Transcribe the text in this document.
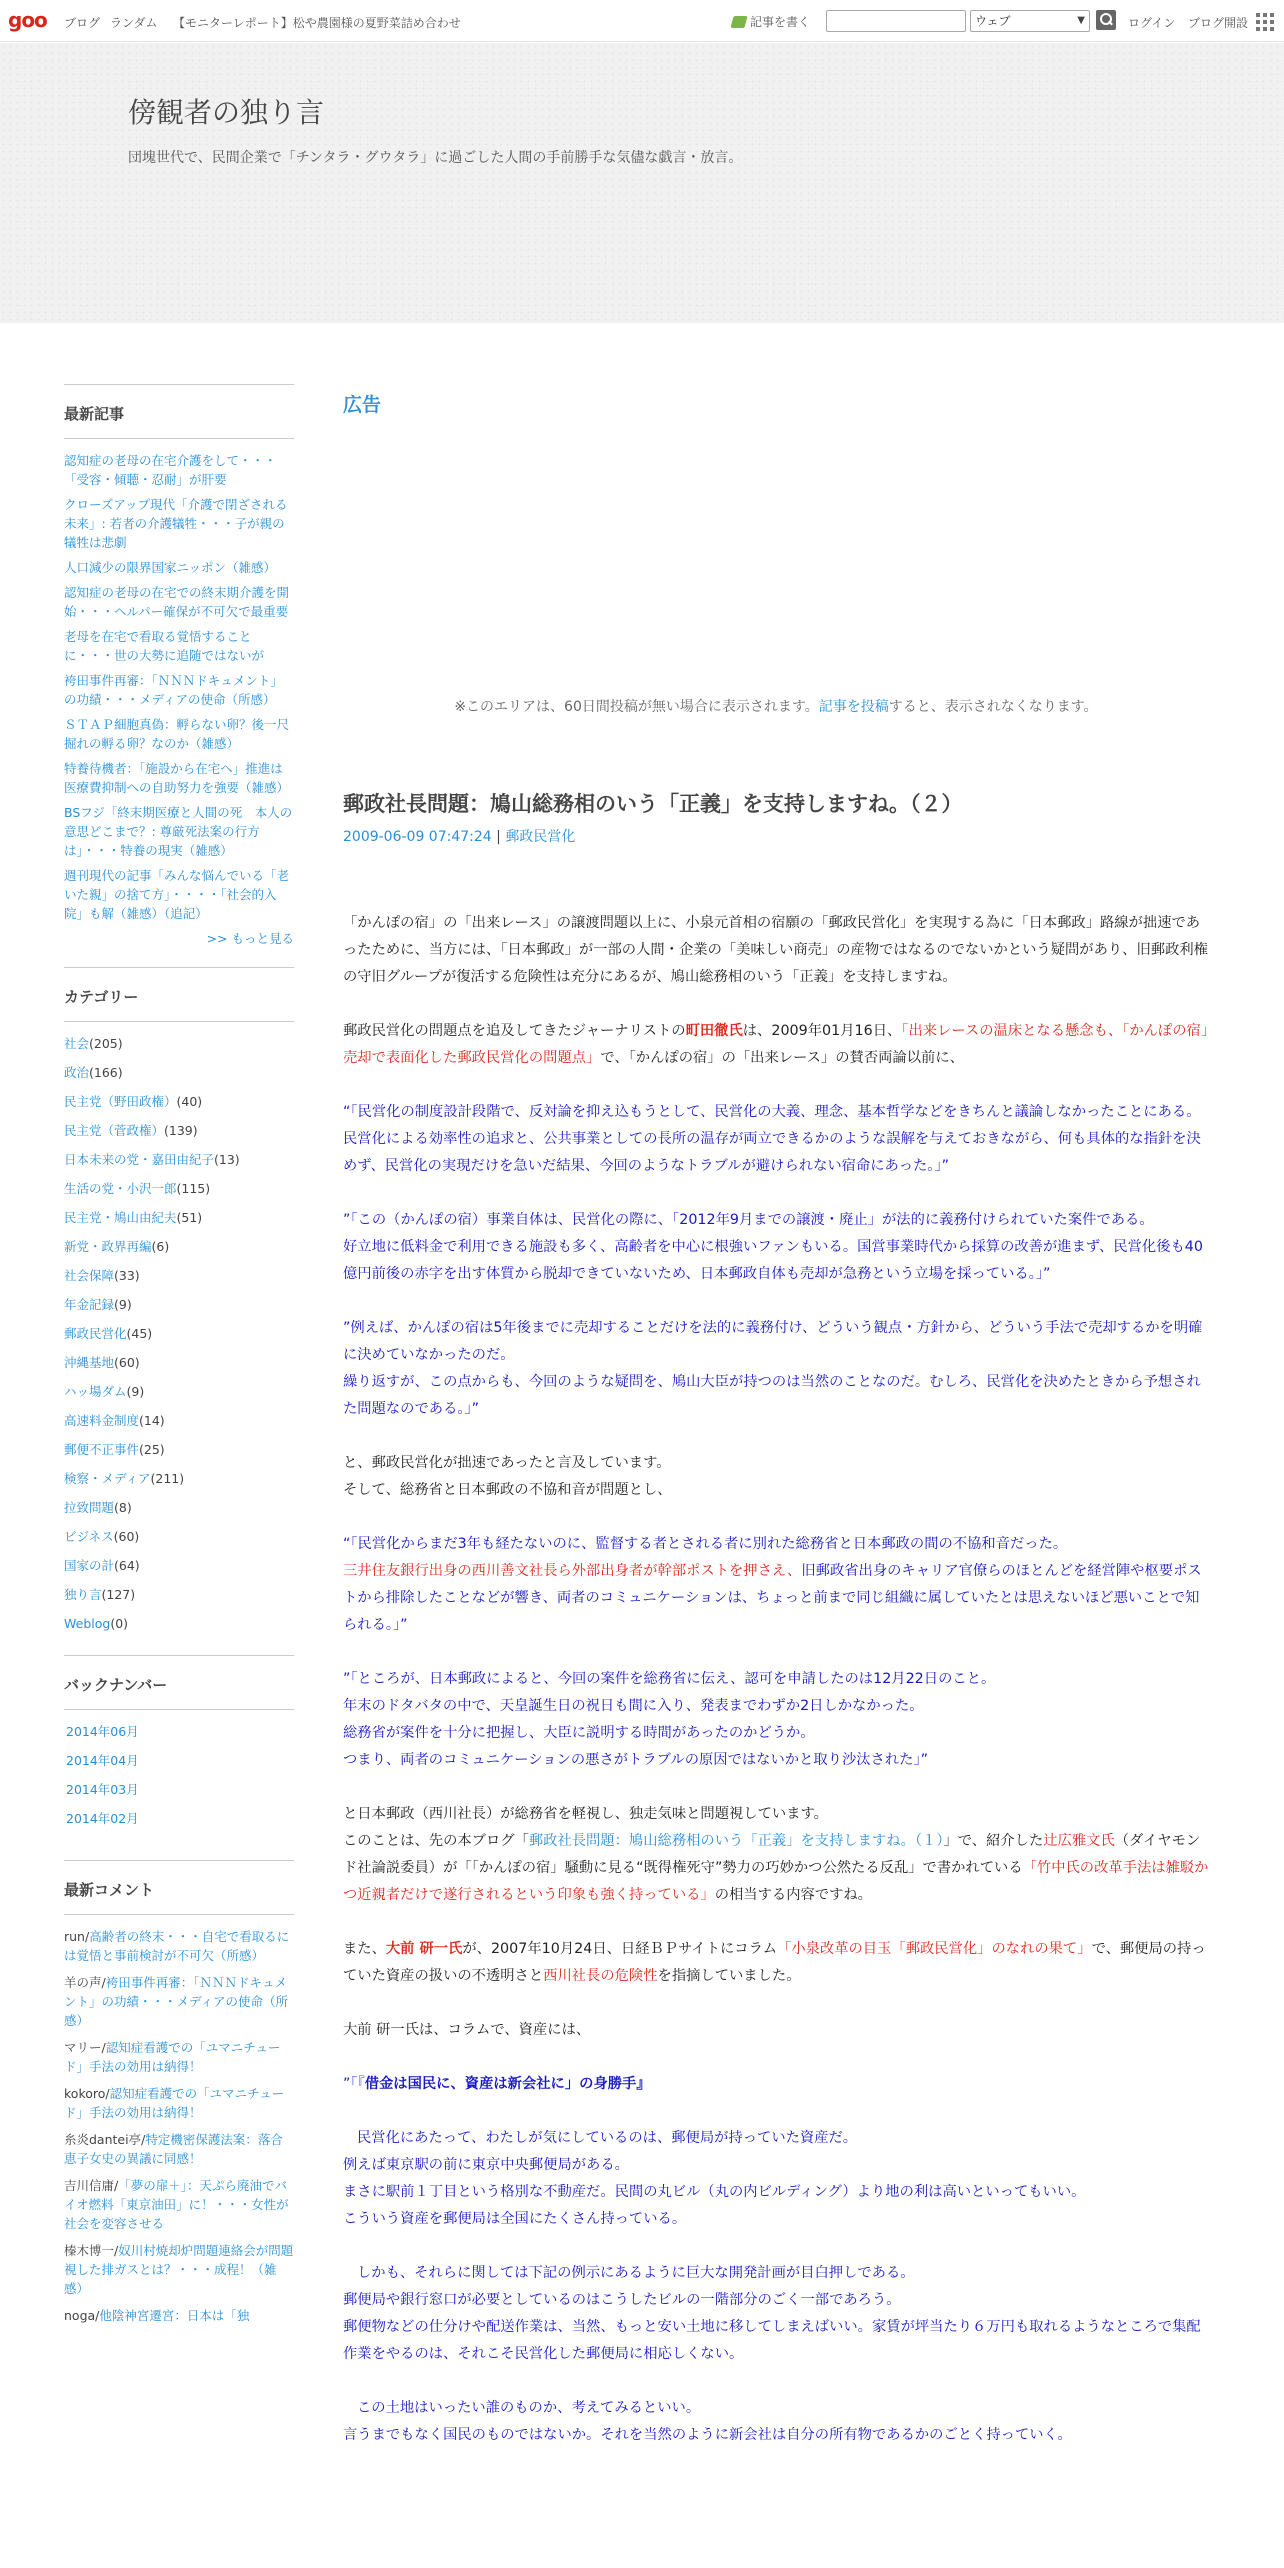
goo ブログ ランダム 【モニターレポート】松や農園様の夏野菜詰め合わせ	記事を書く	ウェブ	▼	ログイン ブログ開設
傍観者の独り言
団塊世代で、民間企業で「チンタラ・グウタラ」に過ごした人間の手前勝手な気儘な戯言・放言。
最新記事
認知症の老母の在宅介護をして・・・「受容・傾聴・忍耐」が肝要
クローズアップ現代「介護で閉ざされる未来」: 若者の介護犠牲・・・子が親の犠牲は悲劇
人口減少の限界国家ニッポン（雑感）
認知症の老母の在宅での終末期介護を開始・・・ヘルパー確保が不可欠で最重要
老母を在宅で看取る覚悟することに・・・世の大勢に追随ではないが
袴田事件再審：「ＮＮＮドキュメント」の功績・・・メディアの使命（所感）
ＳＴＡＰ細胞真偽：孵らない卵？後一尺掘れの孵る卵？なのか（雑感）
特養待機者：「施設から在宅へ」推進は医療費抑制への自助努力を強要（雑感）
BSフジ「終末期医療と人間の死　本人の意思どこまで？: 尊厳死法案の行方は」・・・特養の現実（雑感）
週刊現代の記事「みんな悩んでいる「老いた親」の捨て方」・・・・「社会的入院」も解（雑感）（追記）
>> もっと見る
カテゴリー
社会(205)
政治(166)
民主党（野田政権）(40)
民主党（菅政権）(139)
日本未来の党・嘉田由紀子(13)
生活の党・小沢一郎(115)
民主党・鳩山由紀夫(51)
新党・政界再編(6)
社会保障(33)
年金記録(9)
郵政民営化(45)
沖縄基地(60)
ハッ場ダム(9)
高速料金制度(14)
郵便不正事件(25)
検察・メディア(211)
拉致問題(8)
ビジネス(60)
国家の計(64)
独り言(127)
Weblog(0)
バックナンバー
2014年06月
2014年04月
2014年03月
2014年02月
最新コメント
run/高齢者の終末・・・自宅で看取るには覚悟と事前検討が不可欠（所感）
羊の声/袴田事件再審：「ＮＮＮドキュメント」の功績・・・メディアの使命（所感）
マリー/認知症看護での「ユマニチュード」手法の効用は納得！
kokoro/認知症看護での「ユマニチュード」手法の効用は納得！
糸炎dantei亭/特定機密保護法案：落合恵子女史の異議に同感！
吉川信庸/「夢の扉＋」：天ぷら廃油でバイオ燃料「東京油田」に！・・・女性が社会を変容させる
榛木博一/奴川村焼却炉問題連絡会が問題視した排ガスとは？・・・成程！（雑感）
noga/他陰神宮遷宮：日本は「独
広告
※このエリアは、60日間投稿が無い場合に表示されます。記事を投稿すると、表示されなくなります。
郵政社長問題：鳩山総務相のいう「正義」を支持しますね。（２）
2009-06-09 07:47:24 | 郵政民営化

「かんぽの宿」の「出来レース」の譲渡問題以上に、小泉元首相の宿願の「郵政民営化」を実現する為に「日本郵政」路線が拙速であったために、当方には、「日本郵政」が一部の人間・企業の「美味しい商売」の産物ではなるのでないかという疑問があり、旧郵政利権の守旧グループが復活する危険性は充分にあるが、鳩山総務相のいう「正義」を支持しますね。

郵政民営化の問題点を追及してきたジャーナリストの町田徹氏は、2009年01月16日、「出来レースの温床となる懸念も、「かんぽの宿」売却で表面化した郵政民営化の問題点」で、「かんぽの宿」の「出来レース」の賛否両論以前に、

“「民営化の制度設計段階で、反対論を抑え込もうとして、民営化の大義、理念、基本哲学などをきちんと議論しなかったことにある。
民営化による効率性の追求と、公共事業としての長所の温存が両立できるかのような誤解を与えておきながら、何も具体的な指針を決めず、民営化の実現だけを急いだ結果、今回のようなトラブルが避けられない宿命にあった。」”

”「この（かんぽの宿）事業自体は、民営化の際に、「2012年9月までの譲渡・廃止」が法的に義務付けられていた案件である。
好立地に低料金で利用できる施設も多く、高齢者を中心に根強いファンもいる。国営事業時代から採算の改善が進まず、民営化後も40億円前後の赤字を出す体質から脱却できていないため、日本郵政自体も売却が急務という立場を採っている。」”

”例えば、かんぽの宿は5年後までに売却することだけを法的に義務付け、どういう観点・方針から、どういう手法で売却するかを明確に決めていなかったのだ。
繰り返すが、この点からも、今回のような疑問を、鳩山大臣が持つのは当然のことなのだ。むしろ、民営化を決めたときから予想された問題なのである。」”

と、郵政民営化が拙速であったと言及しています。
そして、総務省と日本郵政の不協和音が問題とし、

“「民営化からまだ3年も経たないのに、監督する者とされる者に別れた総務省と日本郵政の間の不協和音だった。
三井住友銀行出身の西川善文社長ら外部出身者が幹部ポストを押さえ、旧郵政省出身のキャリア官僚らのほとんどを経営陣や枢要ポストから排除したことなどが響き、両者のコミュニケーションは、ちょっと前まで同じ組織に属していたとは思えないほど悪いことで知られる。」”

”「ところが、日本郵政によると、今回の案件を総務省に伝え、認可を申請したのは12月22日のこと。
年末のドタバタの中で、天皇誕生日の祝日も間に入り、発表までわずか2日しかなかった。
総務省が案件を十分に把握し、大臣に説明する時間があったのかどうか。
つまり、両者のコミュニケーションの悪さがトラブルの原因ではないかと取り沙汰された」”

と日本郵政（西川社長）が総務省を軽視し、独走気味と問題視しています。
このことは、先の本ブログ「郵政社長問題：鳩山総務相のいう「正義」を支持しますね。（１）」で、紹介した辻広雅文氏（ダイヤモンド社論説委員）が「「かんぽの宿」騒動に見る“既得権死守”勢力の巧妙かつ公然たる反乱」で書かれている「竹中氏の改革手法は雑駁かつ近親者だけで遂行されるという印象も強く持っている」の相当する内容ですね。

また、大前 研一氏が、2007年10月24日、日経ＢＰサイトにコラム「小泉改革の目玉「郵政民営化」のなれの果て」で、郵便局の持っていた資産の扱いの不透明さと西川社長の危険性を指摘していました。

大前 研一氏は、コラムで、資産には、

”「『借金は国民に、資産は新会社に」の身勝手』

民営化にあたって、わたしが気にしているのは、郵便局が持っていた資産だ。
例えば東京駅の前に東京中央郵便局がある。
まさに駅前１丁目という格別な不動産だ。民間の丸ビル（丸の内ビルディング）より地の利は高いといってもいい。
こういう資産を郵便局は全国にたくさん持っている。

しかも、それらに関しては下記の例示にあるように巨大な開発計画が目白押しである。
郵便局や銀行窓口が必要としているのはこうしたビルの一階部分のごく一部であろう。
郵便物などの仕分けや配送作業は、当然、もっと安い土地に移してしまえばいい。家賃が坪当たり６万円も取れるようなところで集配作業をやるのは、それこそ民営化した郵便局に相応しくない。

この土地はいったい誰のものか、考えてみるといい。
言うまでもなく国民のものではないか。それを当然のように新会社は自分の所有物であるかのごとく持っていく。
